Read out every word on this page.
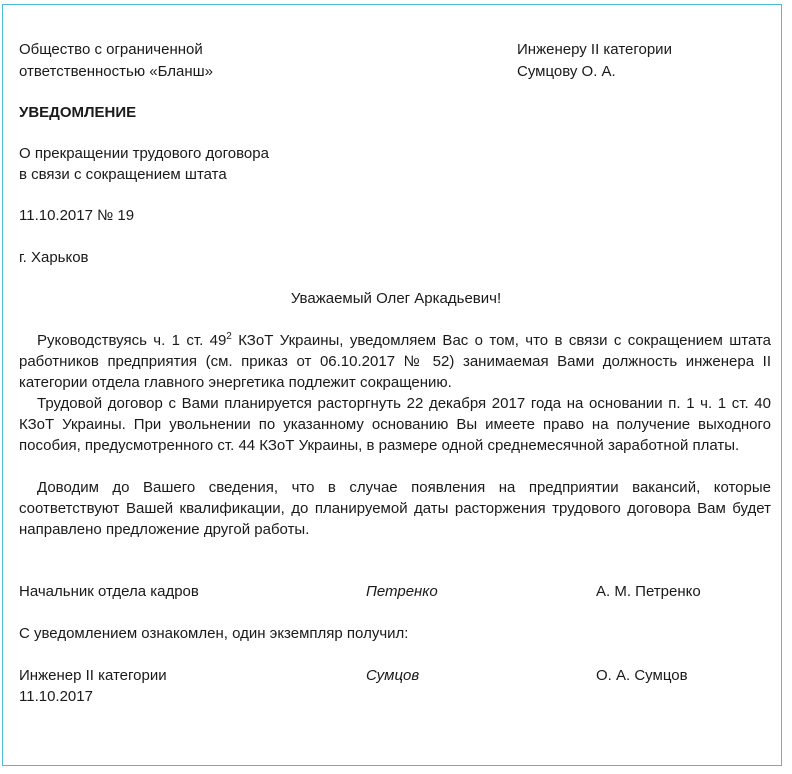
Общество с ограниченной
ответственностью «Бланш»
Инженеру II категории
Сумцову О. А.
УВЕДОМЛЕНИЕ
О прекращении трудового договора
в связи с сокращением штата
11.10.2017 № 19
г. Харьков
Уважаемый Олег Аркадьевич!
Руководствуясь ч. 1 ст. $49^2$ КЗоТ Украины, уведомляем Вас о том, что в связи с сокращением штата работников предприятия (см. приказ от 06.10.2017 № 52) занимаемая Вами должность инженера II категории отдела главного энергетика подлежит сокращению.
Трудовой договор с Вами планируется расторгнуть 22 декабря 2017 года на основании п. 1 ч. 1 ст. 40 КЗоТ Украины. При увольнении по указанному основанию Вы имеете право на получение выходного пособия, предусмотренного ст. 44 КЗоТ Украины, в размере одной среднемесячной заработной платы.
Доводим до Вашего сведения, что в случае появления на предприятии вакансий, которые соответствуют Вашей квалификации, до планируемой даты расторжения трудового договора Вам будет направлено предложение другой работы.
Начальник отдела кадров	Петренко	А. М. Петренко
С уведомлением ознакомлен, один экземпляр получил:
Инженер II категории	Сумцов	О. А. Сумцов
11.10.2017
